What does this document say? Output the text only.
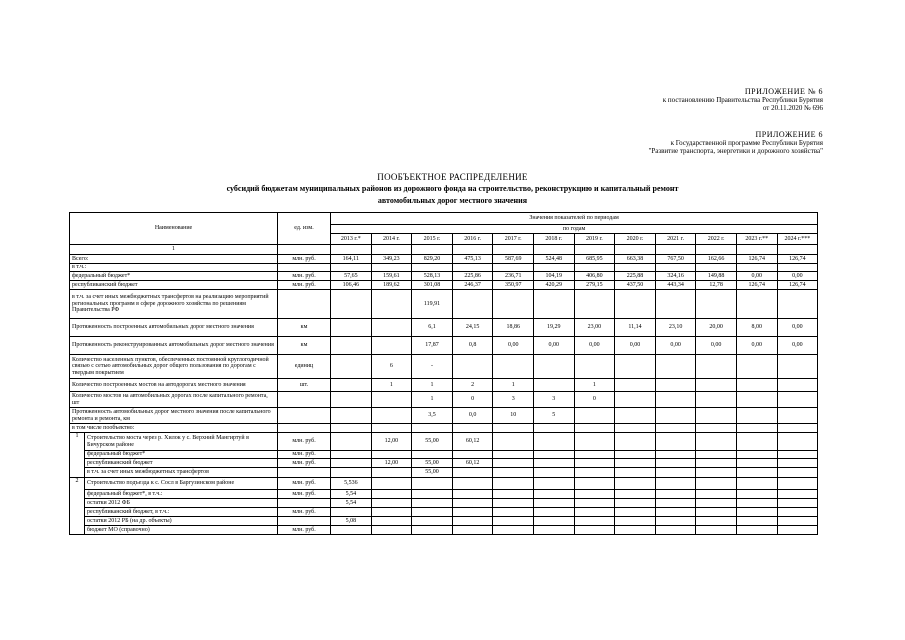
ПРИЛОЖЕНИЕ № 6
к постановлению Правительства Республики Бурятия
от 20.11.2020 № 696
ПРИЛОЖЕНИЕ 6
к Государственной программе Республики Бурятия
"Развитие транспорта, энергетики и дорожного хозяйства"
ПООБЪЕКТНОЕ РАСПРЕДЕЛЕНИЕ
субсидий бюджетам муниципальных районов из дорожного фонда на строительство, реконструкцию и капитальный ремонт
автомобильных дорог местного значения
Наименование		ед. изм.	Значения показателей по периодам											
			по годам											
			2013 г.*	2014 г.	2015 г.	2016 г.	2017 г.	2018 г.	2019 г.	2020 г.	2021 г.	2022 г.	2023 г.**	2024 г.***
1														
Всего:		млн. руб.	164,11	349,23	829,20	475,13	587,69	524,48	685,95	663,38	767,50	162,66	126,74	126,74
в т.ч.:														
федеральный бюджет*		млн. руб.	57,65	159,61	528,13	225,86	236,71	104,19	406,80	225,88	324,16	149,88	0,00	0,00
республиканский бюджет		млн. руб.	106,46	189,62	301,08	246,37	350,97	420,29	279,15	437,50	443,34	12,78	126,74	126,74
в т.ч. за счет иных межбюджетных трансфертов на реализацию мероприятий региональных программ в сфере дорожного хозяйства по решениям Правительства РФ					119,91									
Протяженность построенных автомобильных дорог местного значения		км			6,1	24,15	18,86	19,29	23,00	11,14	23,10	20,00	8,00	0,00
Протяженность реконструированных автомобильных дорог местного значения		км			17,87	0,8	0,00	0,00	0,00	0,00	0,00	0,00	0,00	0,00
Количество населенных пунктов, обеспеченных постоянной круглогодичной связью с сетью автомобильных дорог общего пользования по дорогам с твердым покрытием		единиц		6	-									
Количество построенных мостов на автодорогах местного значения		шт.		1	1	2	1		1					
Количество мостов на автомобильных дорогах после капитального ремонта, шт					1	0	3	3	0					
Протяженность автомобильных дорог местного значения после капитального ремонта и ремонта, км					3,5	0,0	10	5						
в том числе пообъектно:														
1	Строительство моста через р. Хилок у с. Верхний Мангиртуй в Бичурском районе	млн. руб.		12,00	55,00	60,12								
	федеральный бюджет*	млн. руб.												
	республиканский бюджет	млн. руб.		12,00	55,00	60,12								
	в т.ч. за счет иных межбюджетных трансфертов				55,00									
2	Строительство подъезда к с. Сосл в Баргузинском районе	млн. руб.	5,536											
	федеральный бюджет*, в т.ч.:	млн. руб.	5,54											
	остатки 2012 ФБ		5,54											
	республиканский бюджет, в т.ч.:	млн. руб.												
	остатки 2012 РБ (на др. объекты)		5,08											
	бюджет МО (справочно)	млн. руб.												
